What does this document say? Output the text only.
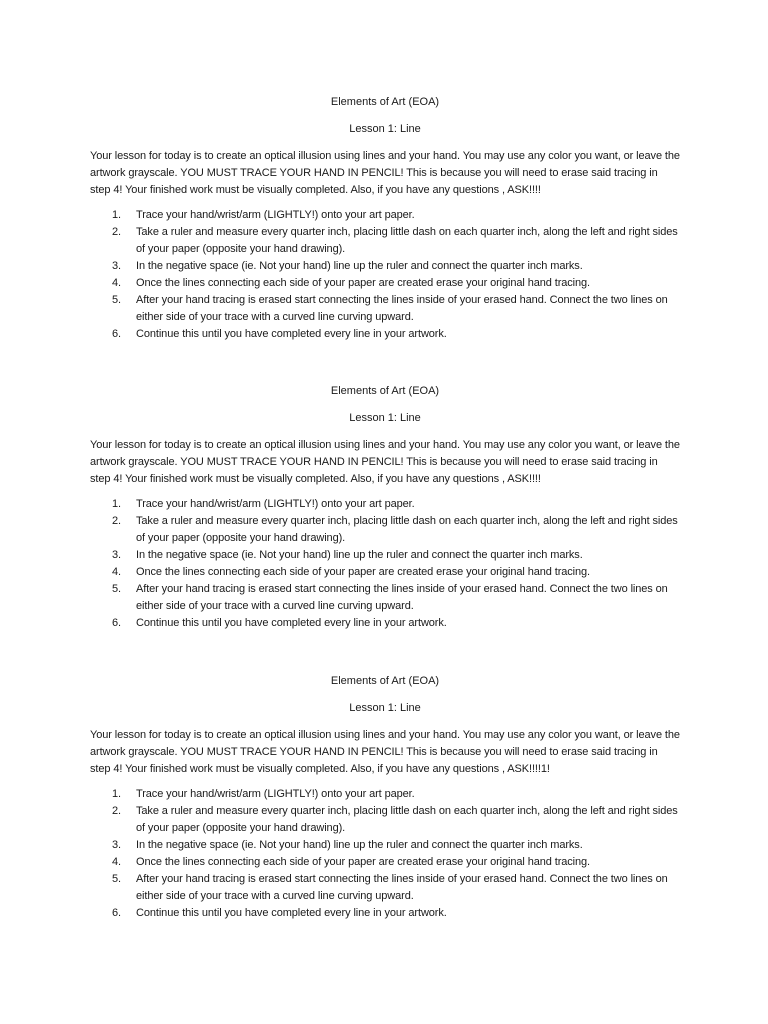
Elements of Art (EOA)
Lesson 1: Line

Your lesson for today is to create an optical illusion using lines and your hand. You may use any color you want, or leave the artwork grayscale. YOU MUST TRACE YOUR HAND IN PENCIL! This is because you will need to erase said tracing in step 4! Your finished work must be visually completed. Also, if you have any questions , ASK!!!!

1. Trace your hand/wrist/arm (LIGHTLY!) onto your art paper.
2. Take a ruler and measure every quarter inch, placing little dash on each quarter inch, along the left and right sides of your paper (opposite your hand drawing).
3. In the negative space (ie. Not your hand) line up the ruler and connect the quarter inch marks.
4. Once the lines connecting each side of your paper are created erase your original hand tracing.
5. After your hand tracing is erased start connecting the lines inside of your erased hand. Connect the two lines on either side of your trace with a curved line curving upward.
6. Continue this until you have completed every line in your artwork.
Elements of Art (EOA)
Lesson 1: Line

Your lesson for today is to create an optical illusion using lines and your hand. You may use any color you want, or leave the artwork grayscale. YOU MUST TRACE YOUR HAND IN PENCIL! This is because you will need to erase said tracing in step 4! Your finished work must be visually completed. Also, if you have any questions , ASK!!!!

1. Trace your hand/wrist/arm (LIGHTLY!) onto your art paper.
2. Take a ruler and measure every quarter inch, placing little dash on each quarter inch, along the left and right sides of your paper (opposite your hand drawing).
3. In the negative space (ie. Not your hand) line up the ruler and connect the quarter inch marks.
4. Once the lines connecting each side of your paper are created erase your original hand tracing.
5. After your hand tracing is erased start connecting the lines inside of your erased hand. Connect the two lines on either side of your trace with a curved line curving upward.
6. Continue this until you have completed every line in your artwork.
Elements of Art (EOA)
Lesson 1: Line

Your lesson for today is to create an optical illusion using lines and your hand. You may use any color you want, or leave the artwork grayscale. YOU MUST TRACE YOUR HAND IN PENCIL! This is because you will need to erase said tracing in step 4! Your finished work must be visually completed. Also, if you have any questions , ASK!!!!1!

1. Trace your hand/wrist/arm (LIGHTLY!) onto your art paper.
2. Take a ruler and measure every quarter inch, placing little dash on each quarter inch, along the left and right sides of your paper (opposite your hand drawing).
3. In the negative space (ie. Not your hand) line up the ruler and connect the quarter inch marks.
4. Once the lines connecting each side of your paper are created erase your original hand tracing.
5. After your hand tracing is erased start connecting the lines inside of your erased hand. Connect the two lines on either side of your trace with a curved line curving upward.
6. Continue this until you have completed every line in your artwork.
